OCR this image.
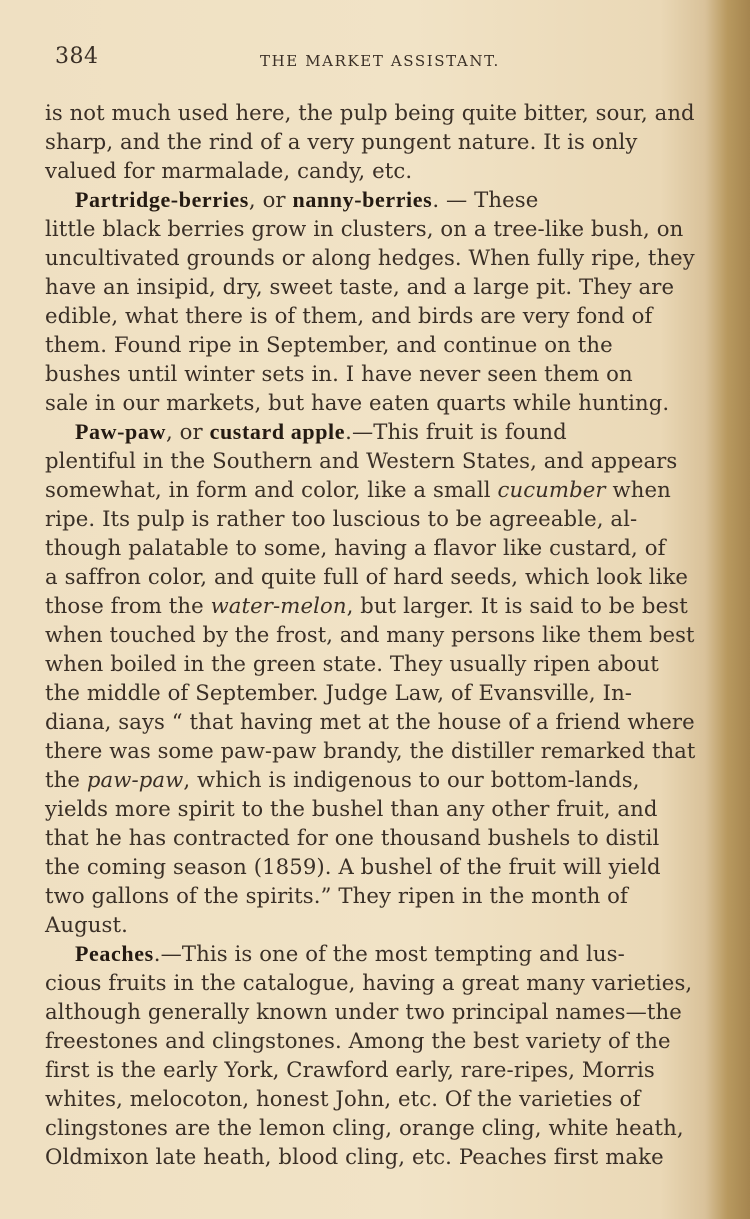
384	THE MARKET ASSISTANT.
is not much used here, the pulp being quite bitter, sour, and
sharp, and the rind of a very pungent nature. It is only
valued for marmalade, candy, etc.
Partridge-berries, or nanny-berries. — These
little black berries grow in clusters, on a tree-like bush, on
uncultivated grounds or along hedges. When fully ripe, they
have an insipid, dry, sweet taste, and a large pit. They are
edible, what there is of them, and birds are very fond of
them. Found ripe in September, and continue on the
bushes until winter sets in. I have never seen them on
sale in our markets, but have eaten quarts while hunting.
Paw-paw, or custard apple.—This fruit is found
plentiful in the Southern and Western States, and appears
somewhat, in form and color, like a small cucumber when
ripe. Its pulp is rather too luscious to be agreeable, al-
though palatable to some, having a flavor like custard, of
a saffron color, and quite full of hard seeds, which look like
those from the water-melon, but larger. It is said to be best
when touched by the frost, and many persons like them best
when boiled in the green state. They usually ripen about
the middle of September. Judge Law, of Evansville, In-
diana, says “ that having met at the house of a friend where
there was some paw-paw brandy, the distiller remarked that
the paw-paw, which is indigenous to our bottom-lands,
yields more spirit to the bushel than any other fruit, and
that he has contracted for one thousand bushels to distil
the coming season (1859). A bushel of the fruit will yield
two gallons of the spirits.” They ripen in the month of
August.
Peaches.—This is one of the most tempting and lus-
cious fruits in the catalogue, having a great many varieties,
although generally known under two principal names—the
freestones and clingstones. Among the best variety of the
first is the early York, Crawford early, rare-ripes, Morris
whites, melocoton, honest John, etc. Of the varieties of
clingstones are the lemon cling, orange cling, white heath,
Oldmixon late heath, blood cling, etc. Peaches first make
